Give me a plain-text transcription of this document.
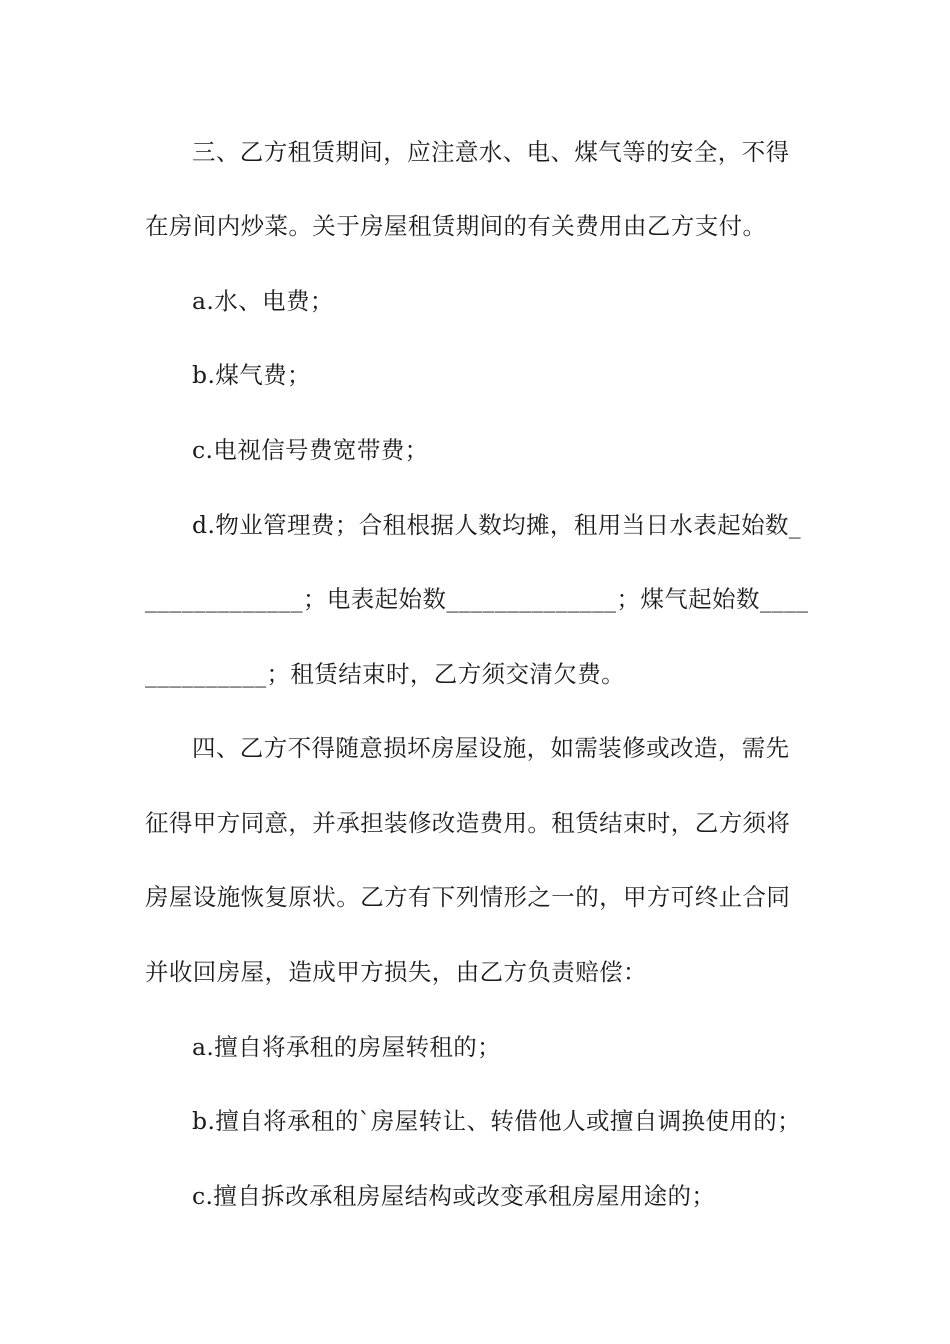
三、乙方租赁期间，应注意水、电、煤气等的安全，不得
在房间内炒菜。关于房屋租赁期间的有关费用由乙方支付。
a.水、电费；
b.煤气费；
c.电视信号费宽带费；
d.物业管理费；合租根据人数均摊，租用当日水表起始数_
_____________；电表起始数______________；煤气起始数____
__________；租赁结束时，乙方须交清欠费。
四、乙方不得随意损坏房屋设施，如需装修或改造，需先
征得甲方同意，并承担装修改造费用。租赁结束时，乙方须将
房屋设施恢复原状。乙方有下列情形之一的，甲方可终止合同
并收回房屋，造成甲方损失，由乙方负责赔偿：
a.擅自将承租的房屋转租的；
b.擅自将承租的`房屋转让、转借他人或擅自调换使用的；
c.擅自拆改承租房屋结构或改变承租房屋用途的；
